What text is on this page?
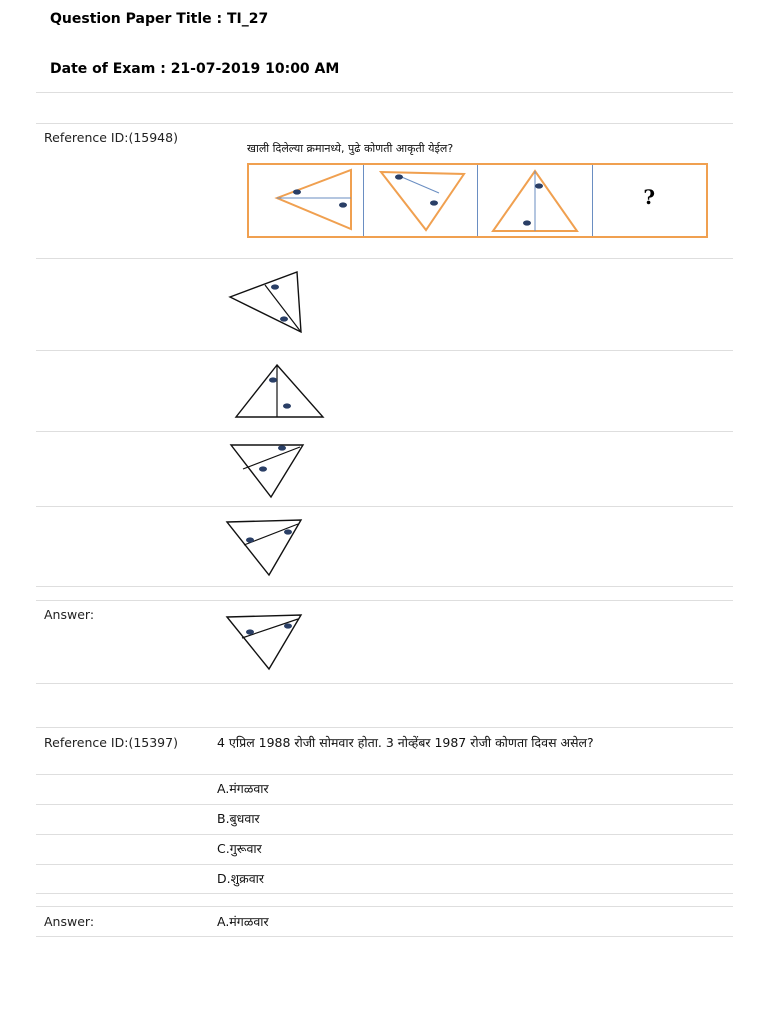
Question Paper Title : TI_27
Date of Exam : 21-07-2019 10:00 AM
Reference ID:(15948)
खाली दिलेल्या क्रमानध्ये, पुढे कोणती आकृती येईल?
?
Answer:
Reference ID:(15397)	4 एप्रिल 1988 रोजी सोमवार होता. 3 नोव्हेंबर 1987 रोजी कोणता दिवस असेल?
A.मंगळवार
B.बुधवार
C.गुरूवार
D.शुक्रवार
Answer:	A.मंगळवार
